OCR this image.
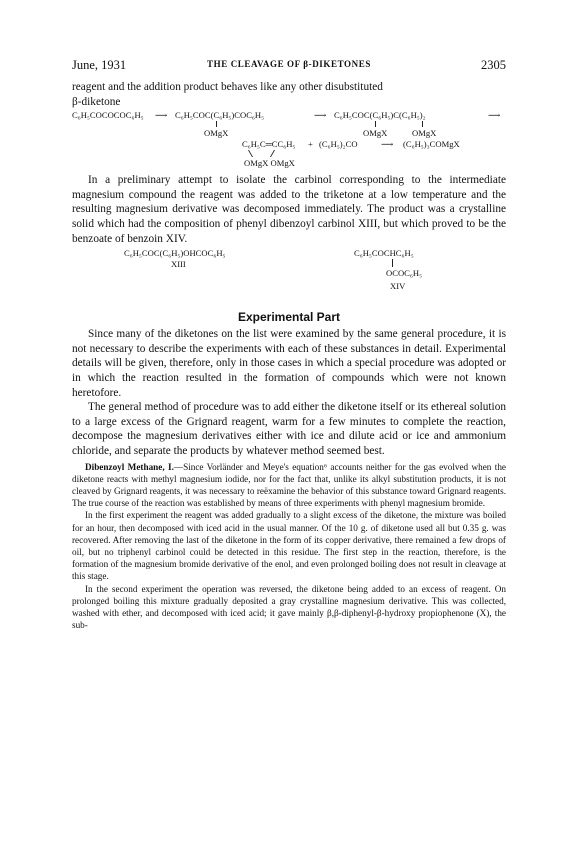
June, 1931	THE CLEAVAGE OF β-DIKETONES	2305

reagent and the addition product behaves like any other disubstituted

β-diketone

C₆H₅COCOCOC₆H₅ ⟶ C₆H₅COC(C₆H₅)COC₆H₅	⟶ C₆H₅COC(C₆H₅)C(C₆H₅)₂	⟶
OMgX	OMgX	OMgX
C₆H₅C═CC₆H₅ + (C₆H₅)₂CO	⟶ (C₆H₅)₃COMgX
OMgX OMgX

In a preliminary attempt to isolate the carbinol corresponding to the intermediate magnesium compound the reagent was added to the triketone at a low temperature and the resulting magnesium derivative was decomposed immediately. The product was a crystalline solid which had the composition of phenyl dibenzoyl carbinol XIII, but which proved to be the benzoate of benzoin XIV.

C₆H₅COC(C₆H₅)OHCOC₆H₅
XIII
C₆H₅COCHC₆H₅
OCOC₆H₅
XIV
Experimental Part

Since many of the diketones on the list were examined by the same general procedure, it is not necessary to describe the experiments with each of these substances in detail. Experimental details will be given, therefore, only in those cases in which a special procedure was adopted or in which the reaction resulted in the formation of compounds which were not known heretofore.

The general method of procedure was to add either the diketone itself or its ethereal solution to a large excess of the Grignard reagent, warm for a few minutes to complete the reaction, decompose the magnesium derivatives either with ice and dilute acid or ice and ammonium chloride, and separate the products by whatever method seemed best.

Dibenzoyl Methane, I.—Since Vorländer and Meye's equation⁶ accounts neither for the gas evolved when the diketone reacts with methyl magnesium iodide, nor for the fact that, unlike its alkyl substitution products, it is not cleaved by Grignard reagents, it was necessary to reëxamine the behavior of this substance toward Grignard reagents. The true course of the reaction was established by means of three experiments with phenyl magnesium bromide.

In the first experiment the reagent was added gradually to a slight excess of the diketone, the mixture was boiled for an hour, then decomposed with iced acid in the usual manner. Of the 10 g. of diketone used all but 0.35 g. was recovered. After removing the last of the diketone in the form of its copper derivative, there remained a few drops of oil, but no triphenyl carbinol could be detected in this residue. The first step in the reaction, therefore, is the formation of the magnesium bromide derivative of the enol, and even prolonged boiling does not result in cleavage at this stage.

In the second experiment the operation was reversed, the diketone being added to an excess of reagent. On prolonged boiling this mixture gradually deposited a gray crystalline magnesium derivative. This was collected, washed with ether, and decomposed with iced acid; it gave mainly β,β-diphenyl-β-hydroxy propiophenone (X), the sub-
